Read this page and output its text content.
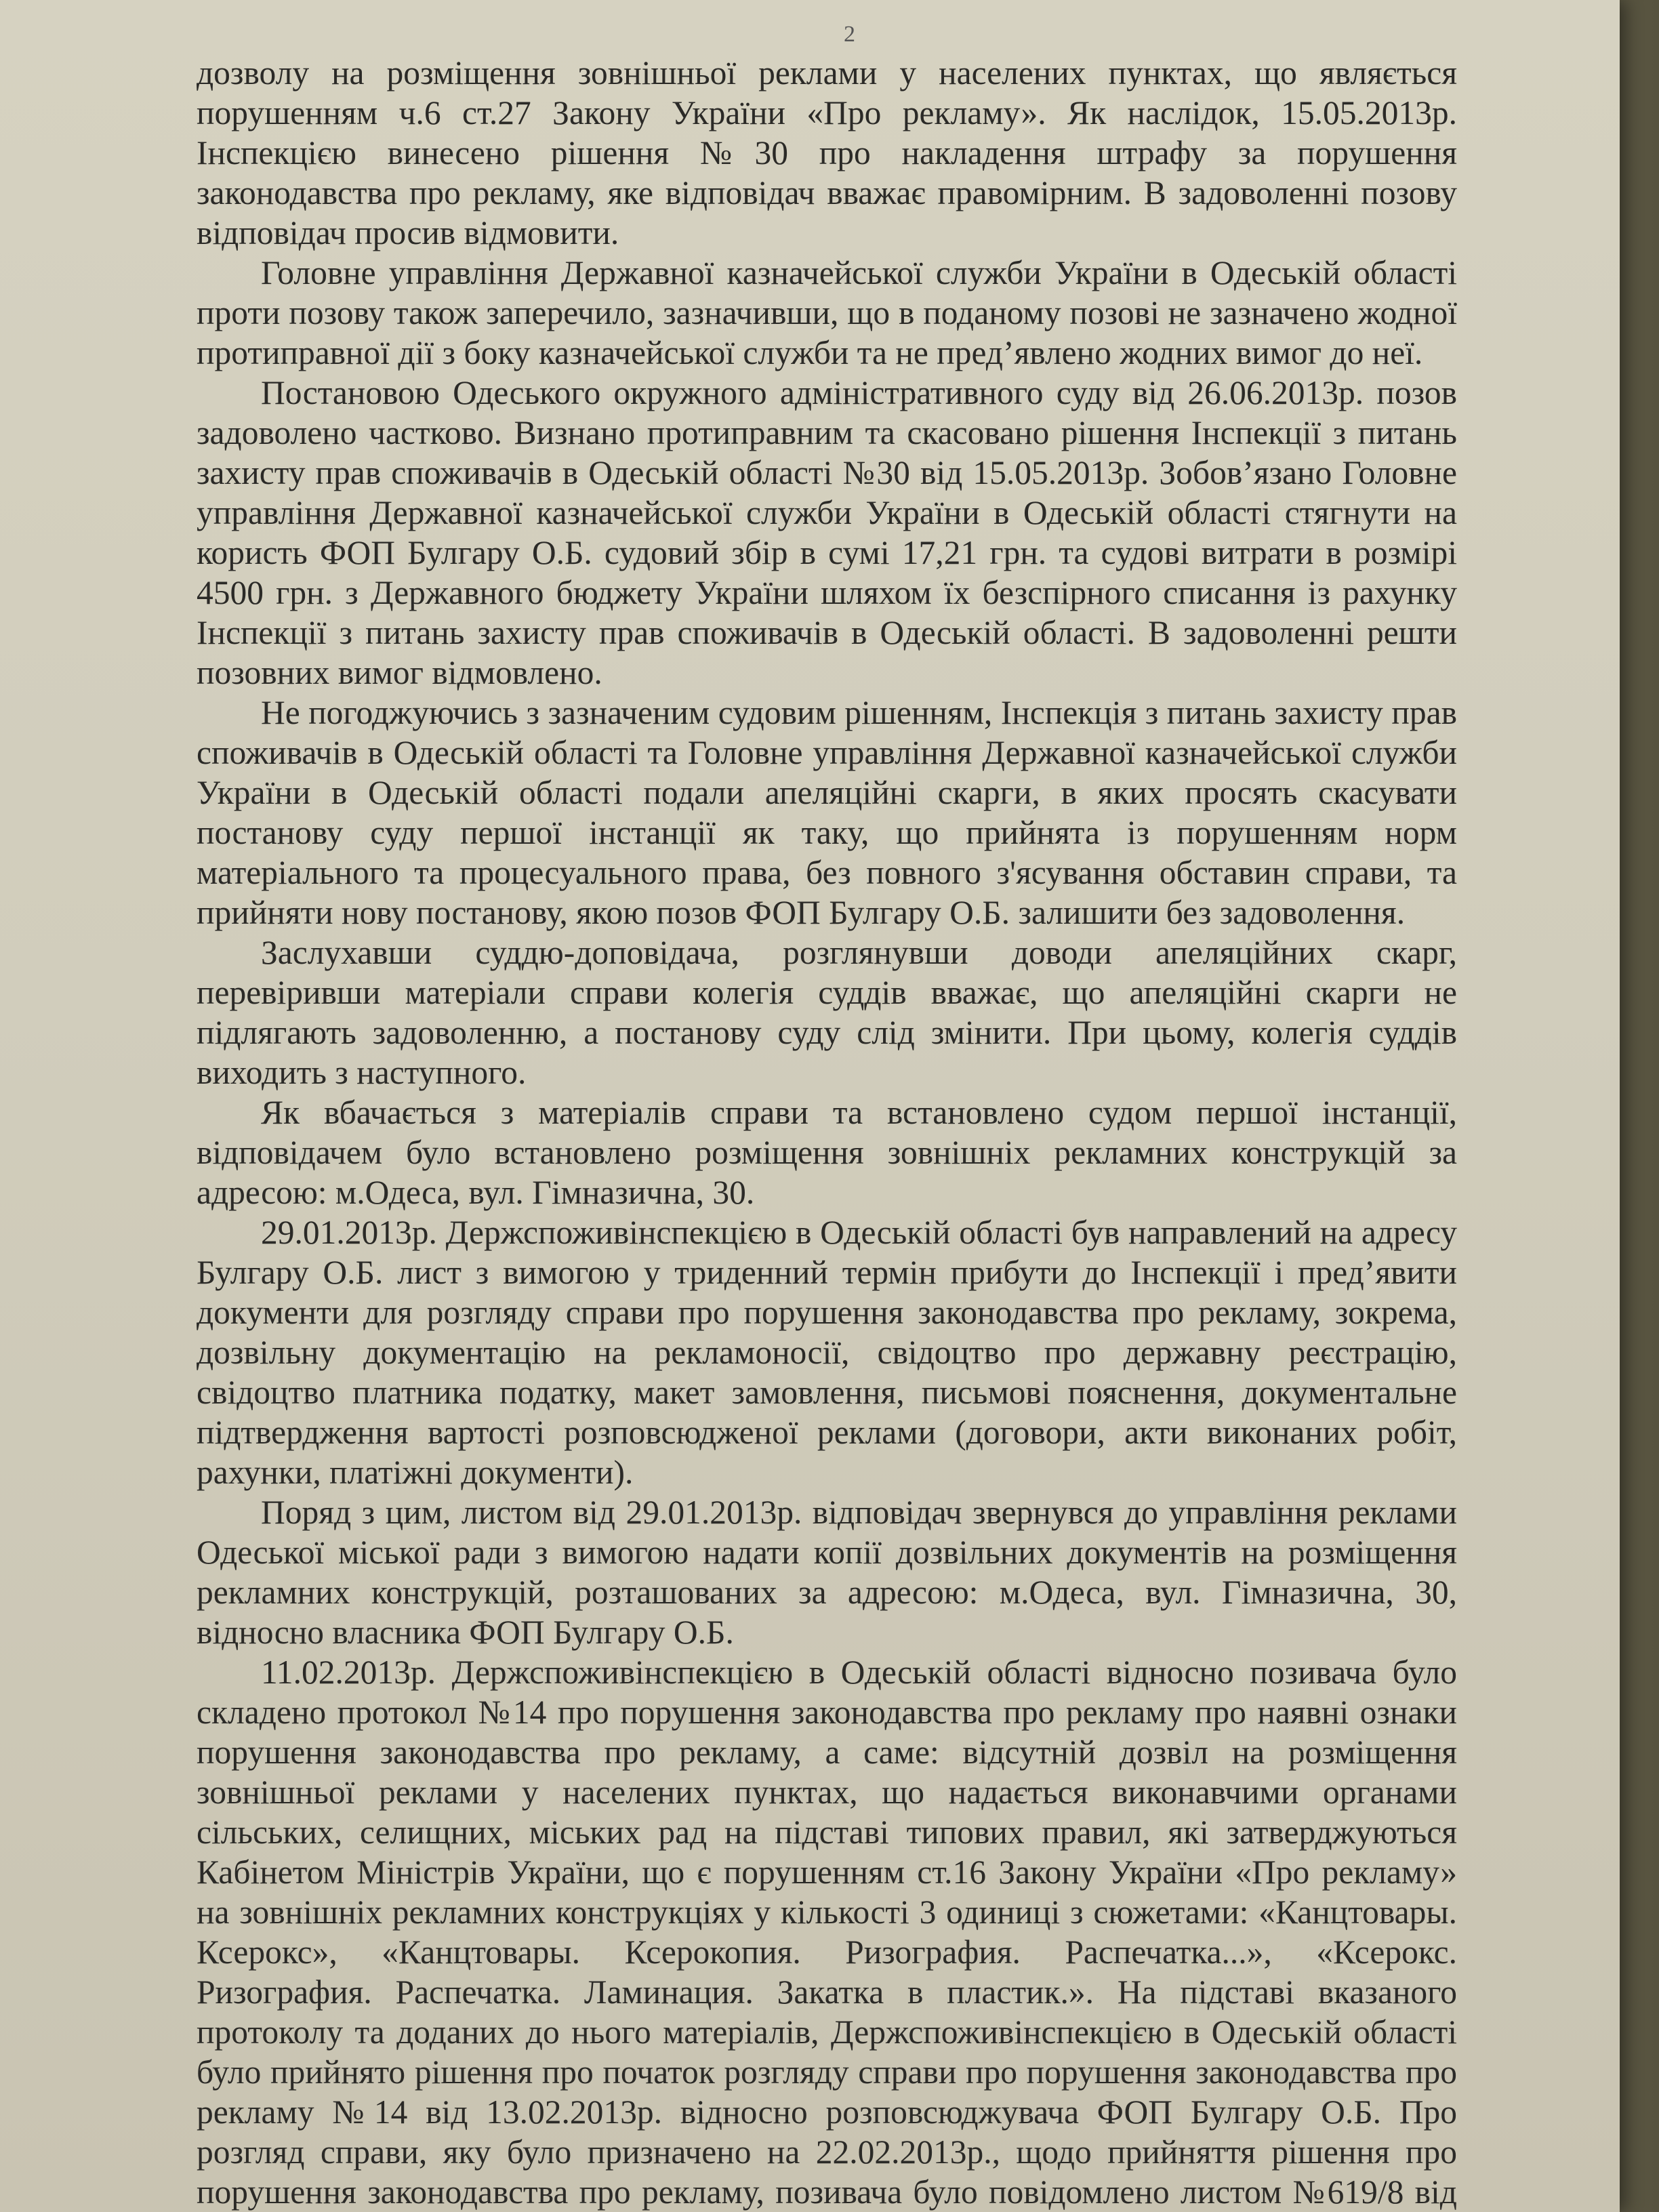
2

дозволу на розміщення зовнішньої реклами у населених пунктах, що являється порушенням ч.6 ст.27 Закону України «Про рекламу». Як наслідок, 15.05.2013р. Інспекцією винесено рішення №30 про накладення штрафу за порушення законодавства про рекламу, яке відповідач вважає правомірним. В задоволенні позову відповідач просив відмовити.

Головне управління Державної казначейської служби України в Одеській області проти позову також заперечило, зазначивши, що в поданому позові не зазначено жодної протиправної дії з боку казначейської служби та не пред’явлено жодних вимог до неї.

Постановою Одеського окружного адміністративного суду від 26.06.2013р. позов задоволено частково. Визнано протиправним та скасовано рішення Інспекції з питань захисту прав споживачів в Одеській області №30 від 15.05.2013р. Зобов’язано Головне управління Державної казначейської служби України в Одеській області стягнути на користь ФОП Булгару О.Б. судовий збір в сумі 17,21 грн. та судові витрати в розмірі 4500 грн. з Державного бюджету України шляхом їх безспірного списання із рахунку Інспекції з питань захисту прав споживачів в Одеській області. В задоволенні решти позовних вимог відмовлено.

Не погоджуючись з зазначеним судовим рішенням, Інспекція з питань захисту прав споживачів в Одеській області та Головне управління Державної казначейської служби України в Одеській області подали апеляційні скарги, в яких просять скасувати постанову суду першої інстанції як таку, що прийнята із порушенням норм матеріального та процесуального права, без повного з'ясування обставин справи, та прийняти нову постанову, якою позов ФОП Булгару О.Б. залишити без задоволення.

Заслухавши суддю-доповідача, розглянувши доводи апеляційних скарг, перевіривши матеріали справи колегія суддів вважає, що апеляційні скарги не підлягають задоволенню, а постанову суду слід змінити. При цьому, колегія суддів виходить з наступного.

Як вбачається з матеріалів справи та встановлено судом першої інстанції, відповідачем було встановлено розміщення зовнішніх рекламних конструкцій за адресою: м.Одеса, вул. Гімназична, 30.

29.01.2013р. Держспоживінспекцією в Одеській області був направлений на адресу Булгару О.Б. лист з вимогою у триденний термін прибути до Інспекції і пред’явити документи для розгляду справи про порушення законодавства про рекламу, зокрема, дозвільну документацію на рекламоносії, свідоцтво про державну реєстрацію, свідоцтво платника податку, макет замовлення, письмові пояснення, документальне підтвердження вартості розповсюдженої реклами (договори, акти виконаних робіт, рахунки, платіжні документи).

Поряд з цим, листом від 29.01.2013р. відповідач звернувся до управління реклами Одеської міської ради з вимогою надати копії дозвільних документів на розміщення рекламних конструкцій, розташованих за адресою: м.Одеса, вул. Гімназична, 30, відносно власника ФОП Булгару О.Б.

11.02.2013р. Держспоживінспекцією в Одеській області відносно позивача було складено протокол №14 про порушення законодавства про рекламу про наявні ознаки порушення законодавства про рекламу, а саме: відсутній дозвіл на розміщення зовнішньої реклами у населених пунктах, що надається виконавчими органами сільських, селищних, міських рад на підставі типових правил, які затверджуються Кабінетом Міністрів України, що є порушенням ст.16 Закону України «Про рекламу» на зовнішніх рекламних конструкціях у кількості 3 одиниці з сюжетами: «Канцтовары. Ксерокс», «Канцтовары. Ксерокопия. Ризография. Распечатка...», «Ксерокс. Ризография. Распечатка. Ламинация. Закатка в пластик.». На підставі вказаного протоколу та доданих до нього матеріалів, Держспоживінспекцією в Одеській області було прийнято рішення про початок розгляду справи про порушення законодавства про рекламу №14 від 13.02.2013р. відносно розповсюджувача ФОП Булгару О.Б. Про розгляд справи, яку було призначено на 22.02.2013р., щодо прийняття рішення про порушення законодавства про рекламу, позивача було повідомлено листом №619/8 від
